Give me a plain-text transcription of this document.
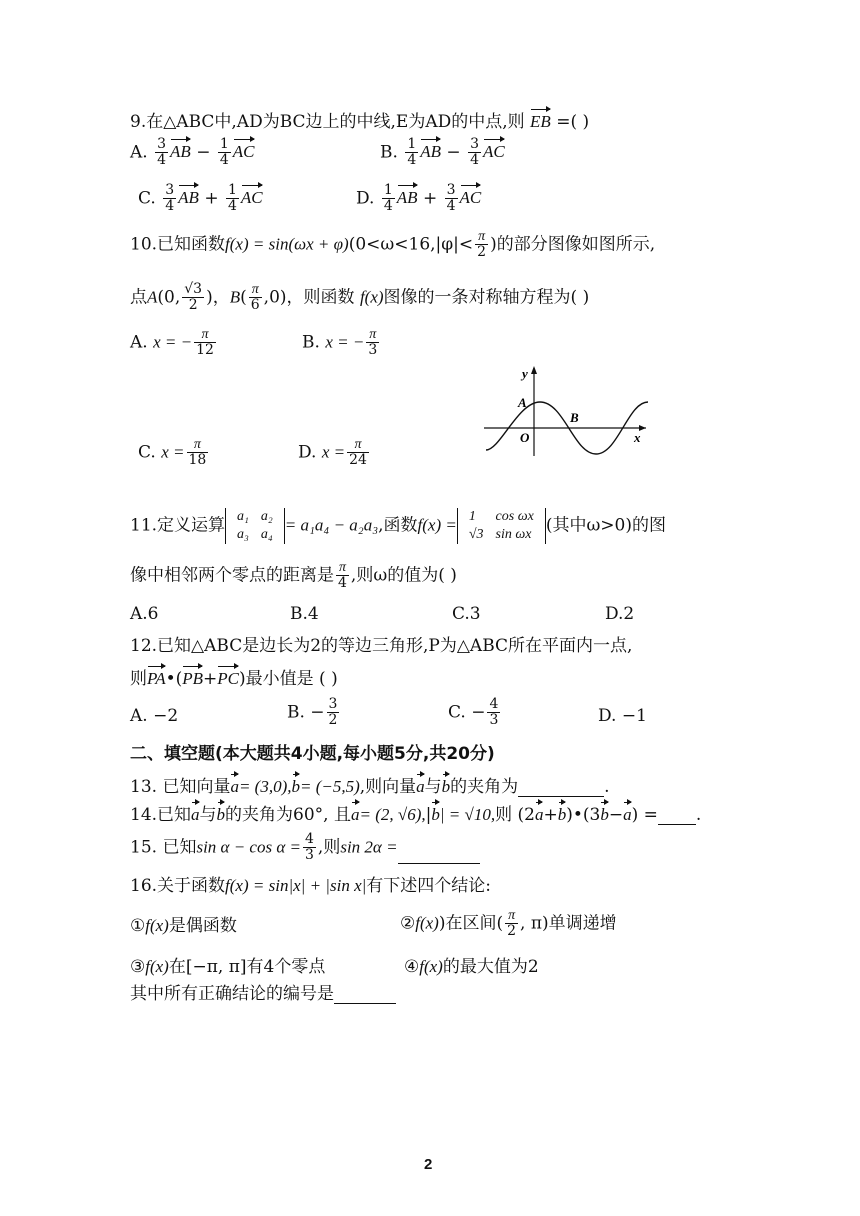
9.在△ABC中,AD为BC边上的中线,E为AD的中点,则 EB =( )
A. $\frac{3}{4}$ AB − $\frac{1}{4}$ AC	B. $\frac{1}{4}$ AB − $\frac{3}{4}$ AC
C. $\frac{3}{4}$ AB + $\frac{1}{4}$ AC	D. $\frac{1}{4}$ AB + $\frac{3}{4}$ AC
10.已知函数$f(x) = \sin(\omega x + \varphi)(0<\omega<16,|\varphi|< \frac{\pi}{2}$ )的部分图像如图所示,
点A(0, $\frac{√3}{2}$ )，$B( \frac{\pi}{6} ,0)$，则函数 f(x)图像的一条对称轴方程为( )
A. x = − $\frac{\pi}{12}$	B. x = − $\frac{\pi}{3}$
C. $x = \frac{\pi}{18}$	D. $x = \frac{\pi}{24}$
y
x
A
B
O
11.定义运算 a₁	a₂
a₃	a₄ = a₁a₄ − a₂a₃,函数f(x) = 1	cos ωx
√3	sin ωx (其中ω>0)的图
像中相邻两个零点的距离是 $\frac{\pi}{4}$ ,则ω的值为( )
A.6	B.4	C.3	D.2
12.已知△ABC是边长为2的等边三角形,P为△ABC所在平面内一点,
则PA•(PB+PC)最小值是 ( )
A. −2	B. − $\frac{3}{2}$	C. − $\frac{4}{3}$	D. −1
二、填空题(本大题共4小题,每小题5分,共20分)
13. 已知向量a= (3,0),b= (−5,5),则向量a与b的夹角为	.
14.已知a与b的夹角为60°, 且a= (2, √6),|b| = √10,则 (2a+b)•(3b−a) = .
15. 已知$\sin \alpha - \cos \alpha = \frac{4}{3}$ ,则sin 2α =
16.关于函数f(x) = sin|x| + |sin x|有下述四个结论:
①f(x)是偶函数	②f(x))在区间( $\frac{\pi}{2}$ , π)单调递增
③f(x)在[−π, π]有4个零点	④f(x)的最大值为2
其中所有正确结论的编号是
2
